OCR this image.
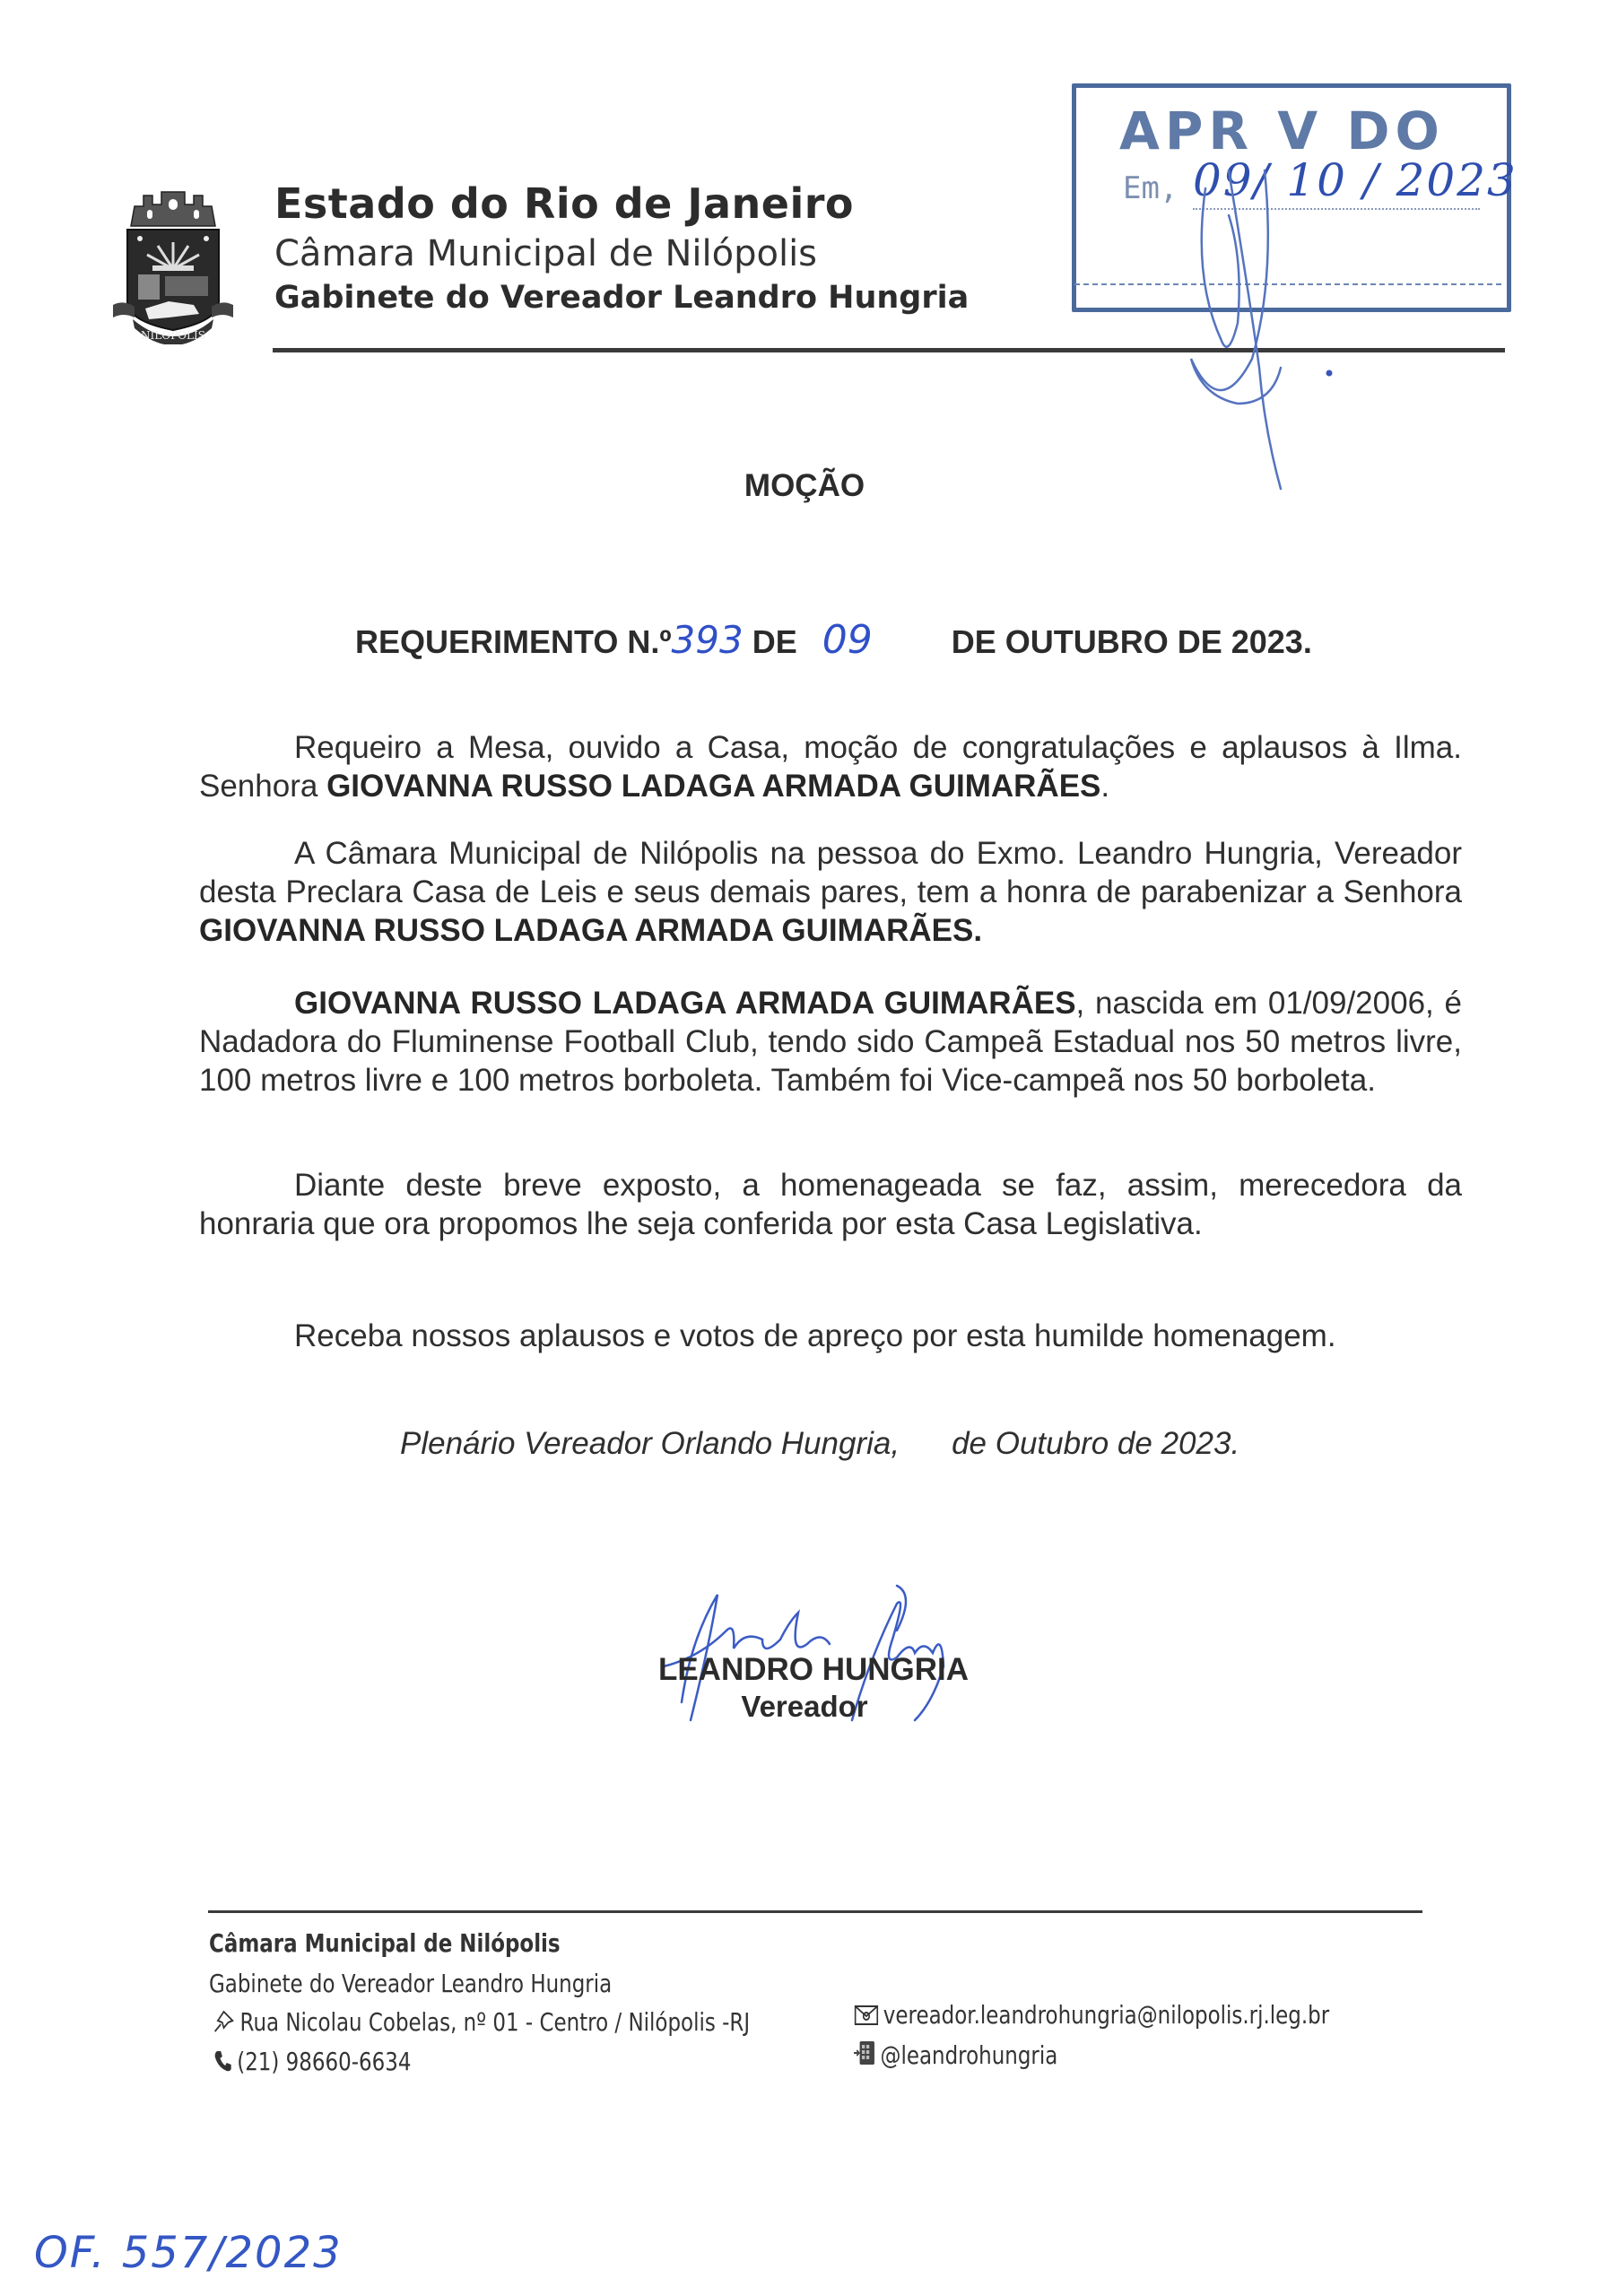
NILOPOLIS
Estado do Rio de Janeiro
Câmara Municipal de Nilópolis
Gabinete do Vereador Leandro Hungria
APR V DO
Em, 09/ 10 / 2023
MOÇÃO
REQUERIMENTO N.º393 DE 09 DE OUTUBRO DE 2023.
Requeiro a Mesa, ouvido a Casa, moção de congratulações e aplausos à Ilma. Senhora GIOVANNA RUSSO LADAGA ARMADA GUIMARÃES.
A Câmara Municipal de Nilópolis na pessoa do Exmo. Leandro Hungria, Vereador desta Preclara Casa de Leis e seus demais pares, tem a honra de parabenizar a Senhora GIOVANNA RUSSO LADAGA ARMADA GUIMARÃES.
GIOVANNA RUSSO LADAGA ARMADA GUIMARÃES, nascida em 01/09/2006, é Nadadora do Fluminense Football Club, tendo sido Campeã Estadual nos 50 metros livre, 100 metros livre e 100 metros borboleta. Também foi Vice-campeã nos 50 borboleta.
Diante deste breve exposto, a homenageada se faz, assim, merecedora da honraria que ora propomos lhe seja conferida por esta Casa Legislativa.
Receba nossos aplausos e votos de apreço por esta humilde homenagem.
Plenário Vereador Orlando Hungria, de Outubro de 2023.
LEANDRO HUNGRIA
Vereador
Câmara Municipal de Nilópolis
Gabinete do Vereador Leandro Hungria
Rua Nicolau Cobelas, nº 01 - Centro / Nilópolis -RJ
(21) 98660-6634
vereador.leandrohungria@nilopolis.rj.leg.br
@leandrohungria
OF. 557/2023
